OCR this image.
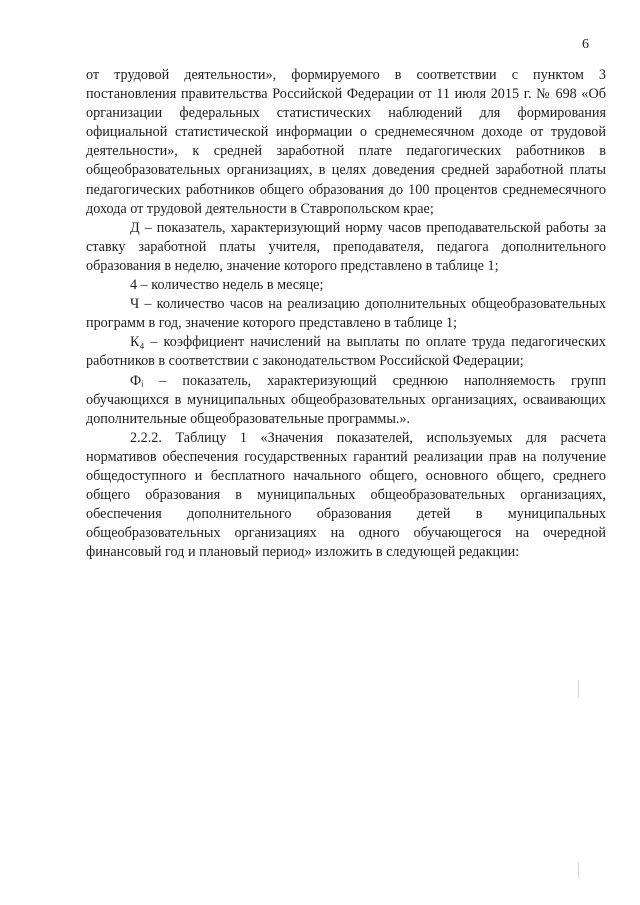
6

от трудовой деятельности», формируемого в соответствии с пунктом 3 постановления правительства Российской Федерации от 11 июля 2015 г. № 698 «Об организации федеральных статистических наблюдений для формирования официальной статистической информации о среднемесячном доходе от трудовой деятельности», к средней заработной плате педагогических работников в общеобразовательных организациях, в целях доведения средней заработной платы педагогических работников общего образования до 100 процентов среднемесячного дохода от трудовой деятельности в Ставропольском крае;

Д – показатель, характеризующий норму часов преподавательской работы за ставку заработной платы учителя, преподавателя, педагога дополнительного образования в неделю, значение которого представлено в таблице 1;

4 – количество недель в месяце;

Ч – количество часов на реализацию дополнительных общеобразовательных программ в год, значение которого представлено в таблице 1;

К₄ – коэффициент начислений на выплаты по оплате труда педагогических работников в соответствии с законодательством Российской Федерации;

Фᵢ – показатель, характеризующий среднюю наполняемость групп обучающихся в муниципальных общеобразовательных организациях, осваивающих дополнительные общеобразовательные программы.».

2.2.2. Таблицу 1 «Значения показателей, используемых для расчета нормативов обеспечения государственных гарантий реализации прав на получение общедоступного и бесплатного начального общего, основного общего, среднего общего образования в муниципальных общеобразовательных организациях, обеспечения дополнительного образования детей в муниципальных общеобразовательных организациях на одного обучающегося на очередной финансовый год и плановый период» изложить в следующей редакции:
